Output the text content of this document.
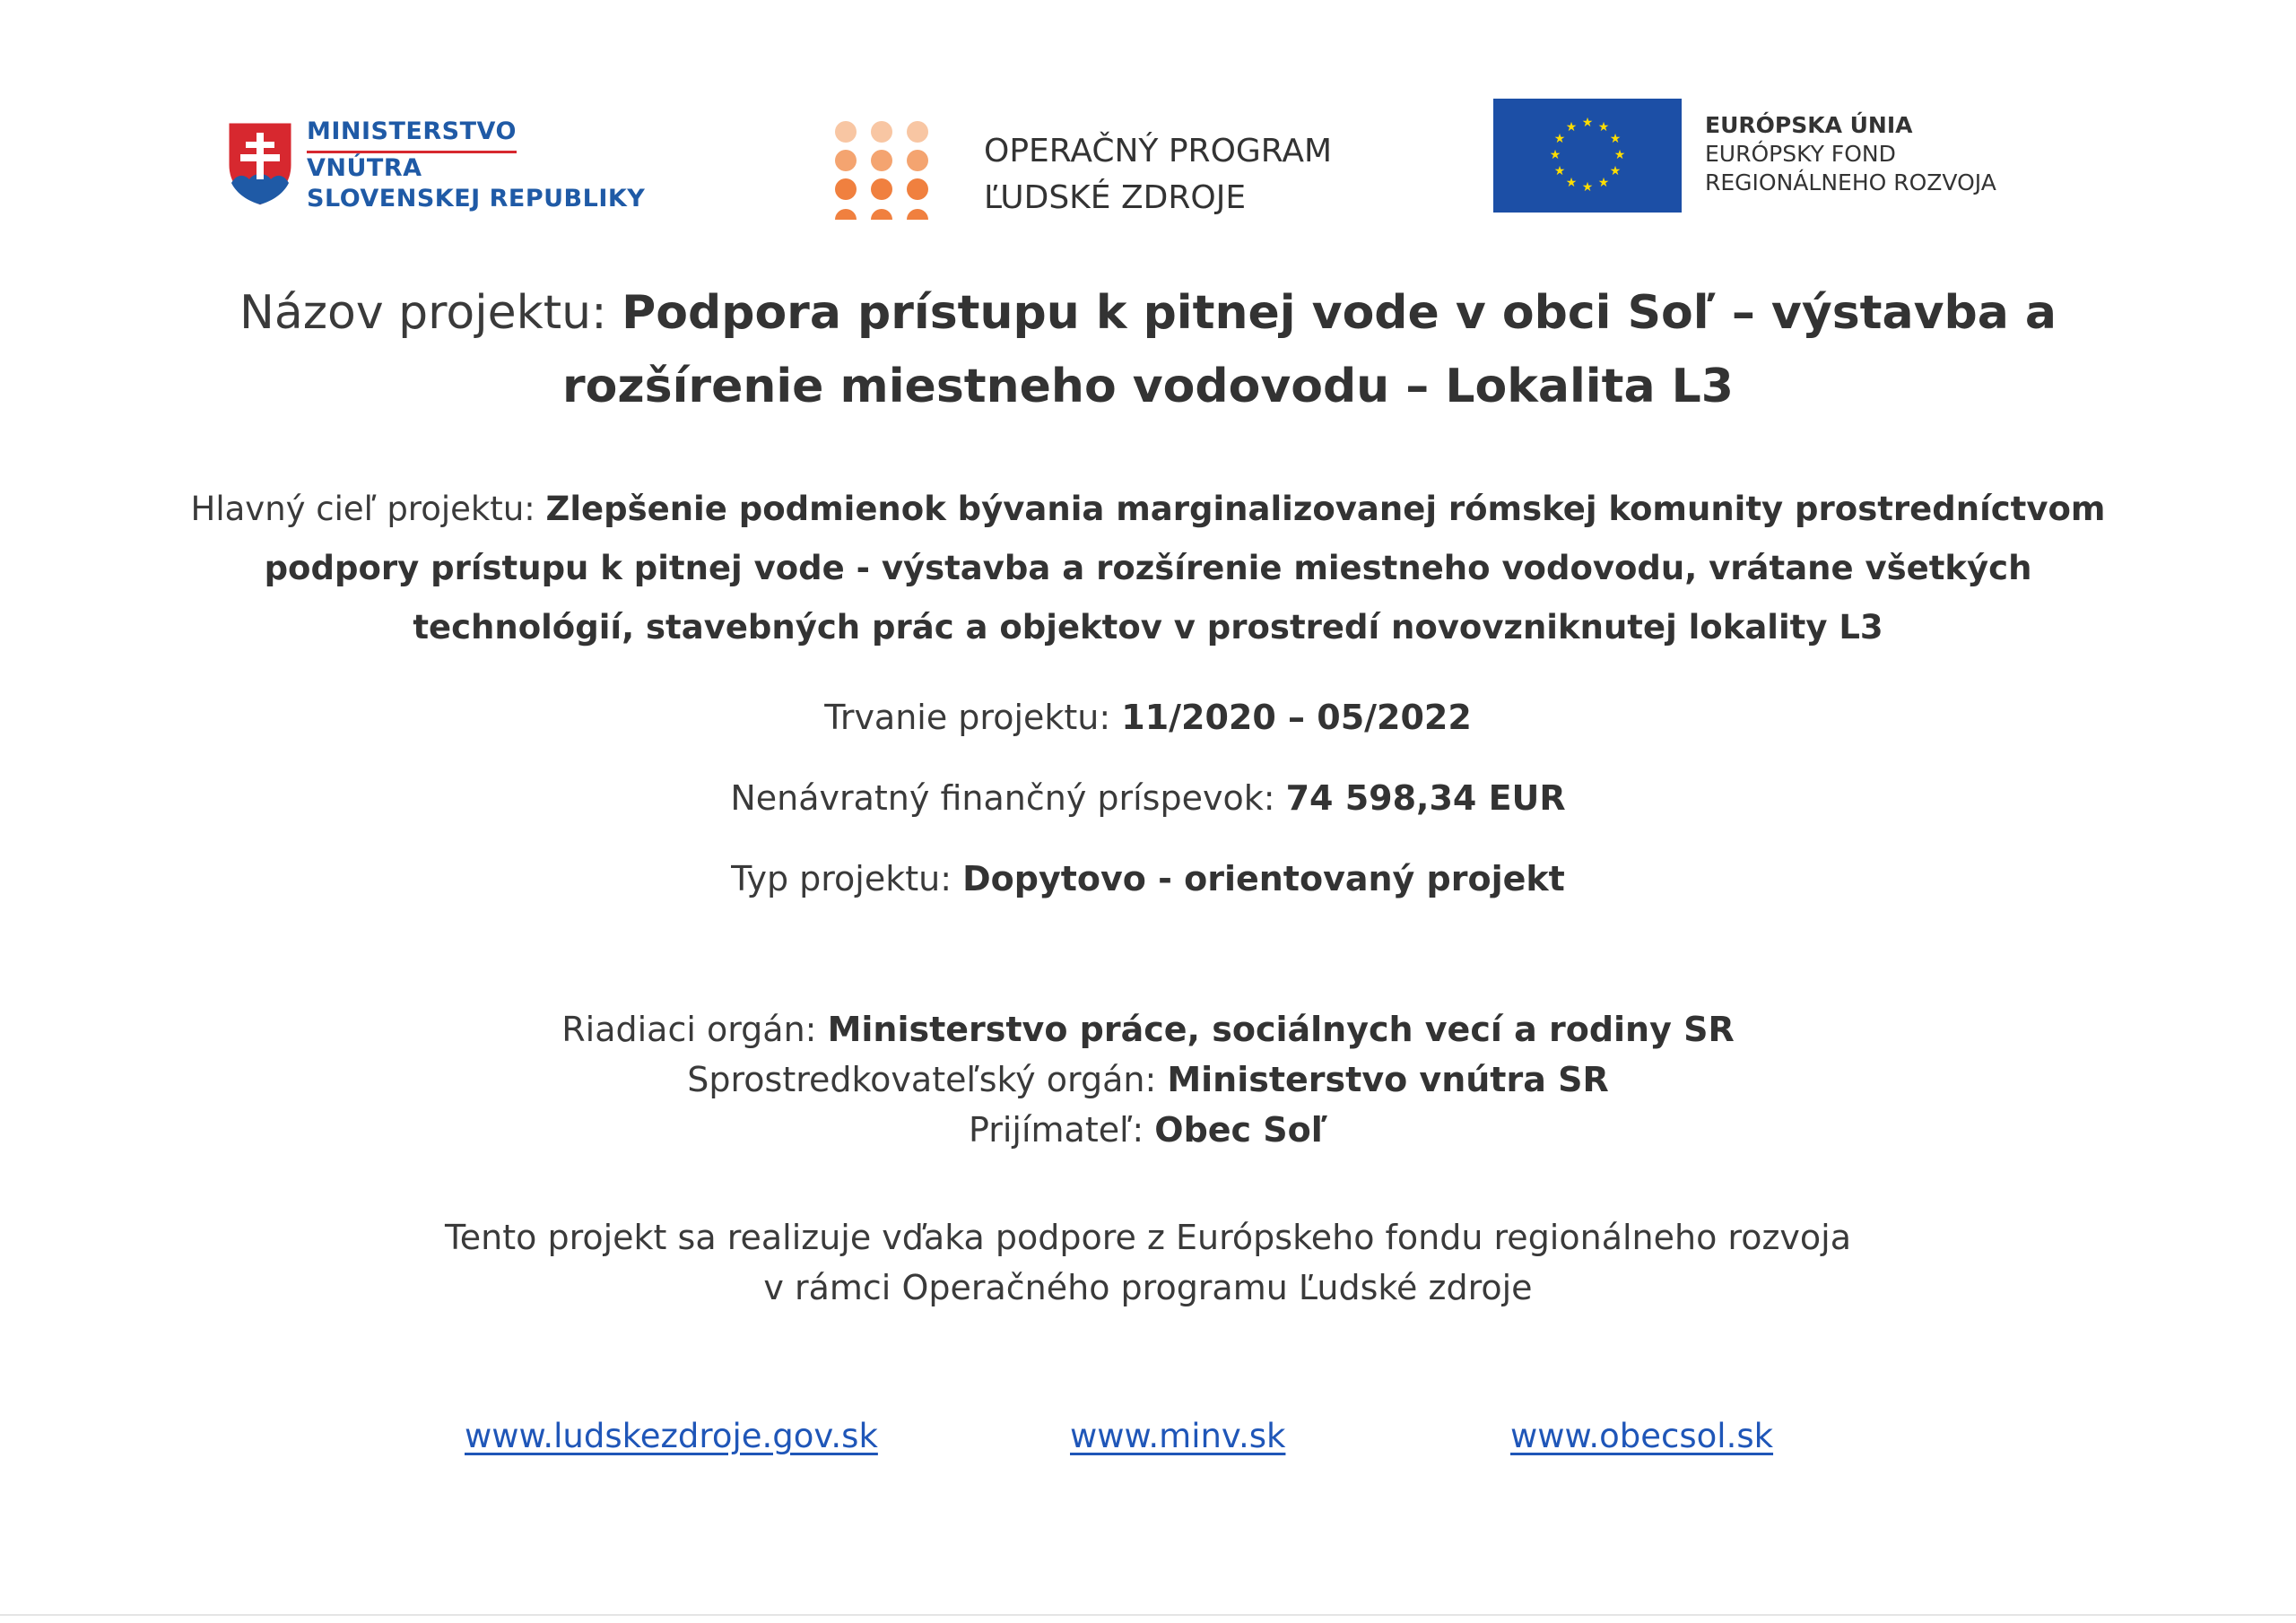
MINISTERSTVO
VNÚTRA
SLOVENSKEJ REPUBLIKY
OPERAČNÝ PROGRAM
ĽUDSKÉ ZDROJE
★ ★
★
★
★
★
★
★
★
★
★
★	EURÓPSKA ÚNIA
EURÓPSKY FOND
REGIONÁLNEHO ROZVOJA
Názov projektu: Podpora prístupu k pitnej vode v obci Soľ – výstavba a rozšírenie miestneho vodovodu – Lokalita L3
Hlavný cieľ projektu: Zlepšenie podmienok bývania marginalizovanej rómskej komunity prostredníctvom podpory prístupu k pitnej vode - výstavba a rozšírenie miestneho vodovodu, vrátane všetkých technológií, stavebných prác a objektov v prostredí novovzniknutej lokality L3
Trvanie projektu: 11/2020 – 05/2022
Nenávratný finančný príspevok: 74 598,34 EUR
Typ projektu: Dopytovo - orientovaný projekt
Riadiaci orgán: Ministerstvo práce, sociálnych vecí a rodiny SR
Sprostredkovateľský orgán: Ministerstvo vnútra SR
Prijímateľ: Obec Soľ
Tento projekt sa realizuje vďaka podpore z Európskeho fondu regionálneho rozvoja
v rámci Operačného programu Ľudské zdroje
www.ludskezdroje.gov.sk	www.minv.sk	www.obecsol.sk
